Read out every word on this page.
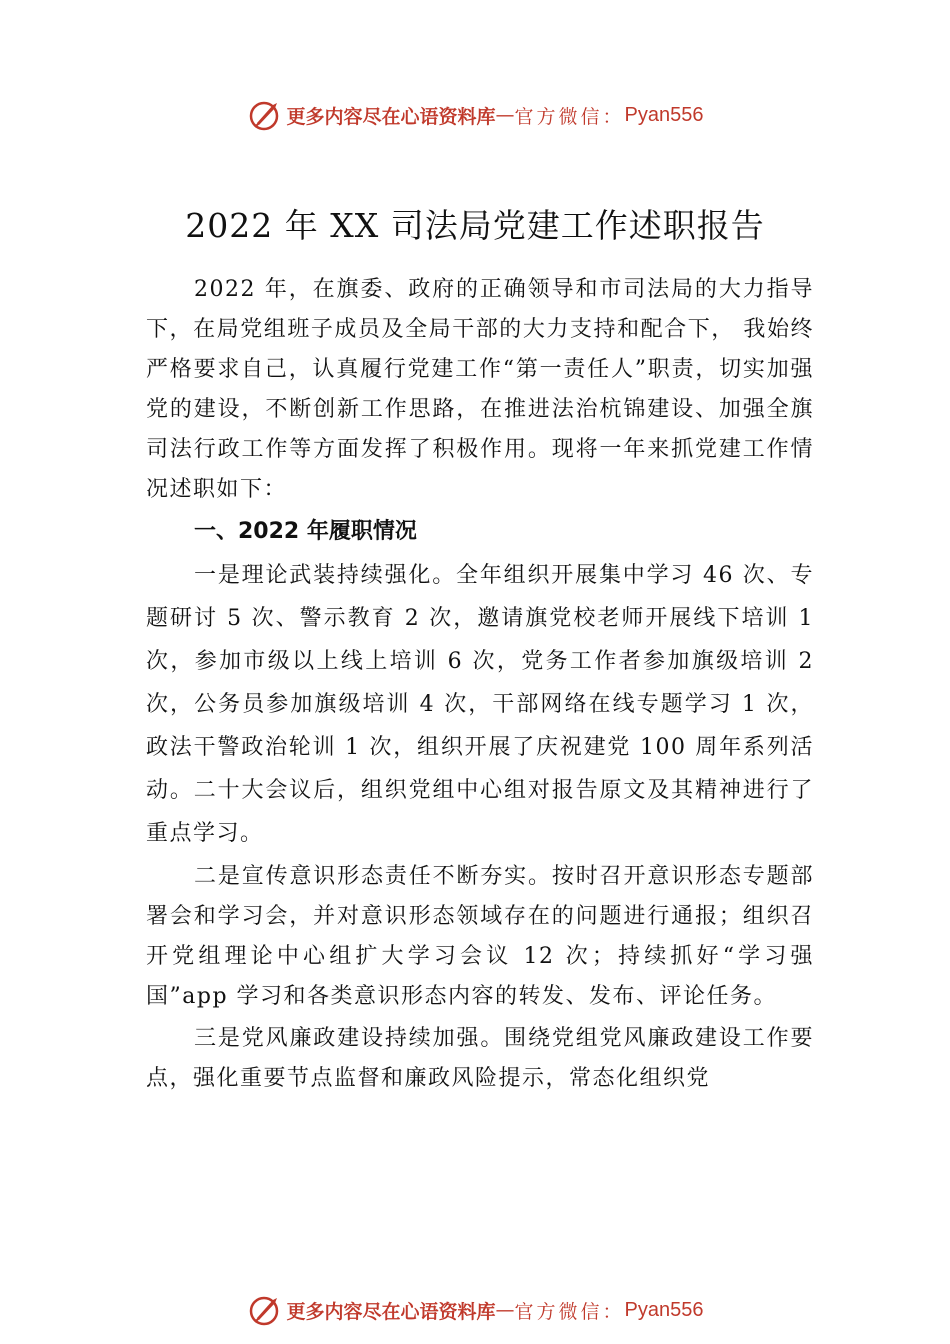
更多内容尽在心语资料库 — 官方微信： Pyan556
2022 年 XX 司法局党建工作述职报告

2022 年，在旗委、政府的正确领导和市司法局的大力指导下，在局党组班子成员及全局干部的大力支持和配合下， 我始终严格要求自己，认真履行党建工作“第一责任人”职责，切实加强党的建设，不断创新工作思路，在推进法治杭锦建设、加强全旗司法行政工作等方面发挥了积极作用。现将一年来抓党建工作情况述职如下：

一、2022 年履职情况

一是理论武装持续强化。全年组织开展集中学习 46 次、专题研讨 5 次、警示教育 2 次，邀请旗党校老师开展线下培训 1 次，参加市级以上线上培训 6 次，党务工作者参加旗级培训 2 次，公务员参加旗级培训 4 次，干部网络在线专题学习 1 次，政法干警政治轮训 1 次，组织开展了庆祝建党 100 周年系列活动。二十大会议后，组织党组中心组对报告原文及其精神进行了重点学习。

二是宣传意识形态责任不断夯实。按时召开意识形态专题部署会和学习会，并对意识形态领域存在的问题进行通报；组织召开党组理论中心组扩大学习会议 12 次；持续抓好“学习强国”app 学习和各类意识形态内容的转发、发布、评论任务。

三是党风廉政建设持续加强。围绕党组党风廉政建设工作要点，强化重要节点监督和廉政风险提示，常态化组织党

更多内容尽在心语资料库 — 官方微信： Pyan556
